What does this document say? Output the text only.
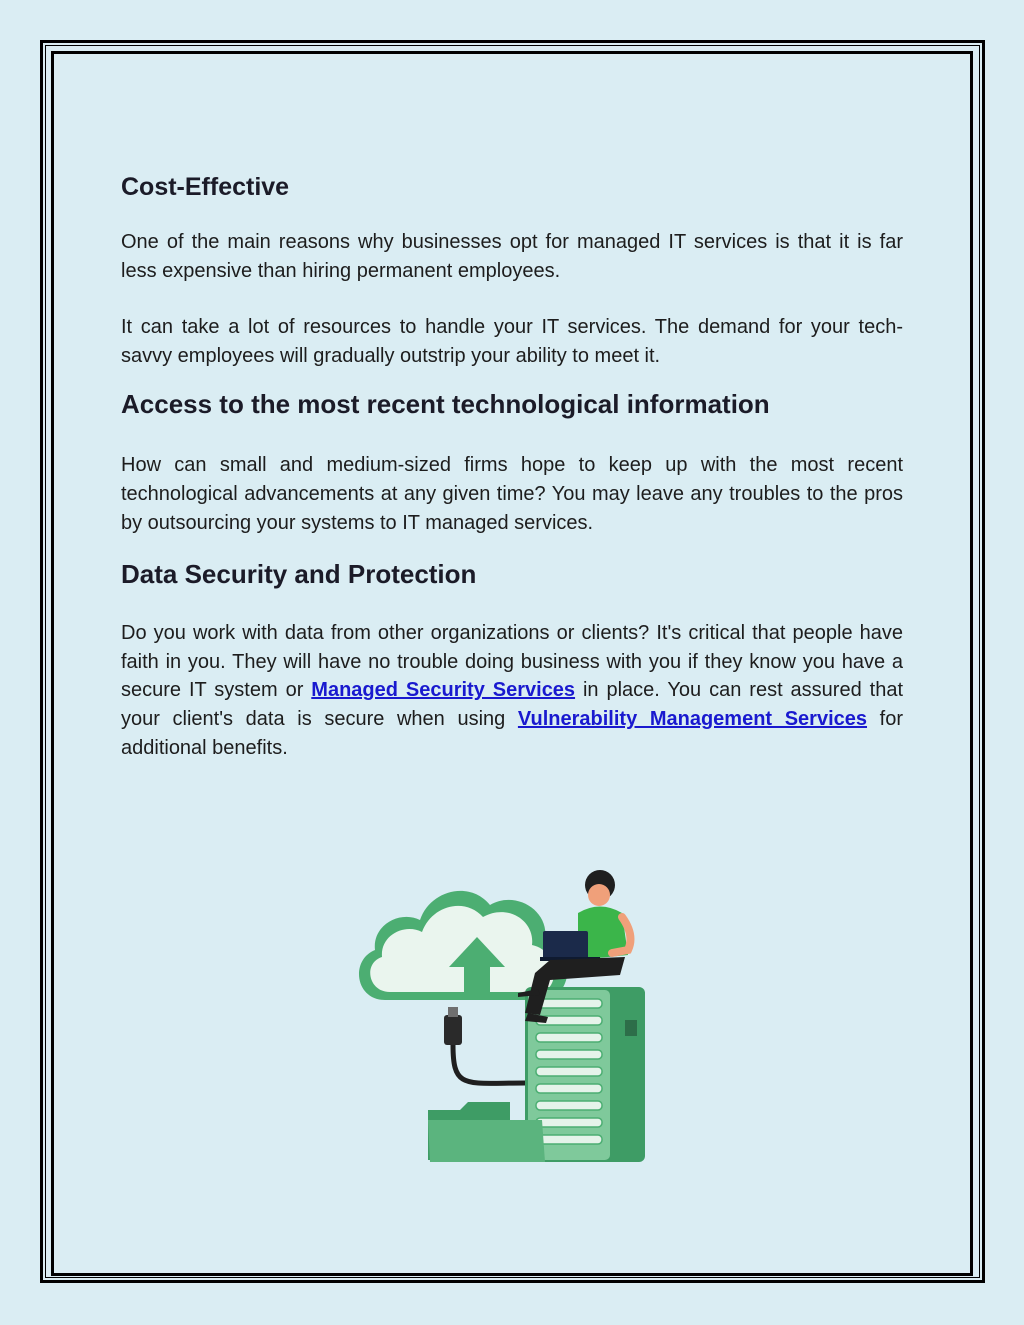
Cost-Effective

One of the main reasons why businesses opt for managed IT services is that it is far less expensive than hiring permanent employees.

It can take a lot of resources to handle your IT services. The demand for your tech-savvy employees will gradually outstrip your ability to meet it.

Access to the most recent technological information

How can small and medium-sized firms hope to keep up with the most recent technological advancements at any given time? You may leave any troubles to the pros by outsourcing your systems to IT managed services.

Data Security and Protection

Do you work with data from other organizations or clients? It's critical that people have faith in you. They will have no trouble doing business with you if they know you have a secure IT system or Managed Security Services in place. You can rest assured that your client's data is secure when using Vulnerability Management Services for additional benefits.
